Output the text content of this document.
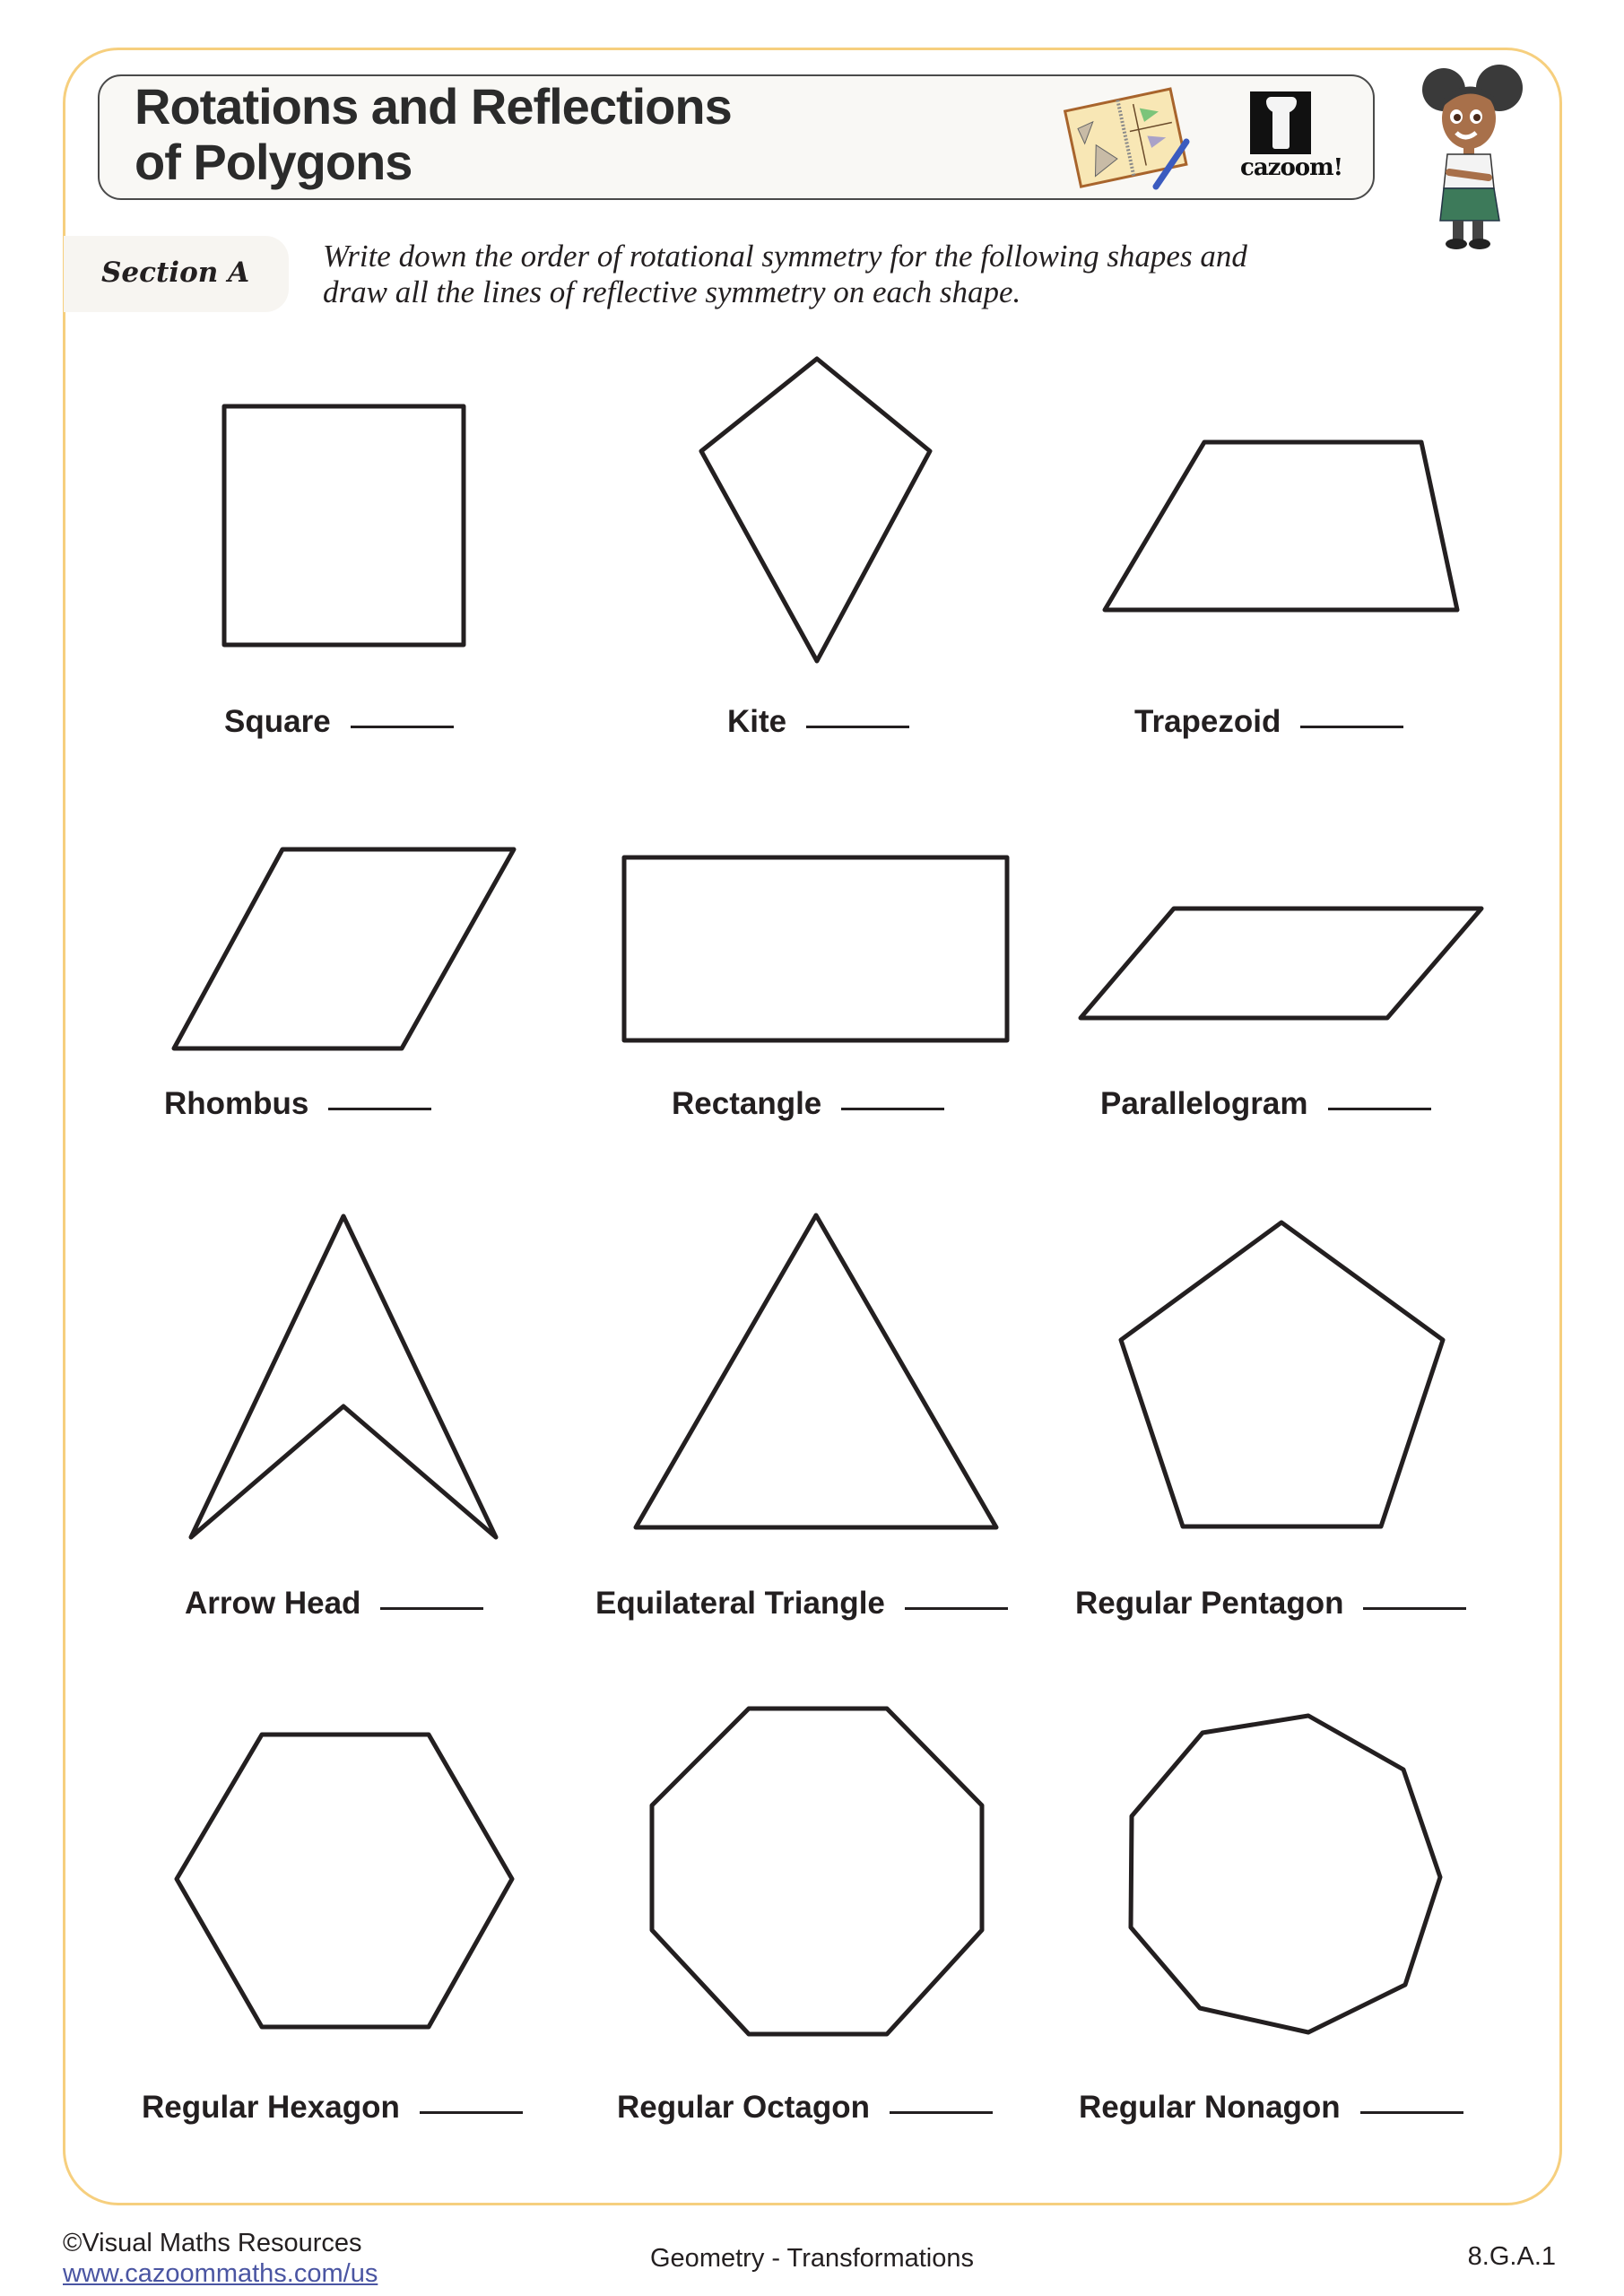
Rotations and Reflections
of Polygons	cazoom!
Section A Write down the order of rotational symmetry for the following shapes and
draw all the lines of reflective symmetry on each shape.
Square	Kite	Trapezoid
Rhombus	Rectangle	Parallelogram
Arrow Head	Equilateral Triangle	Regular Pentagon
Regular Hexagon	Regular Octagon	Regular Nonagon
©Visual Maths Resources
www.cazoommaths.com/us
Geometry - Transformations	8.G.A.1
